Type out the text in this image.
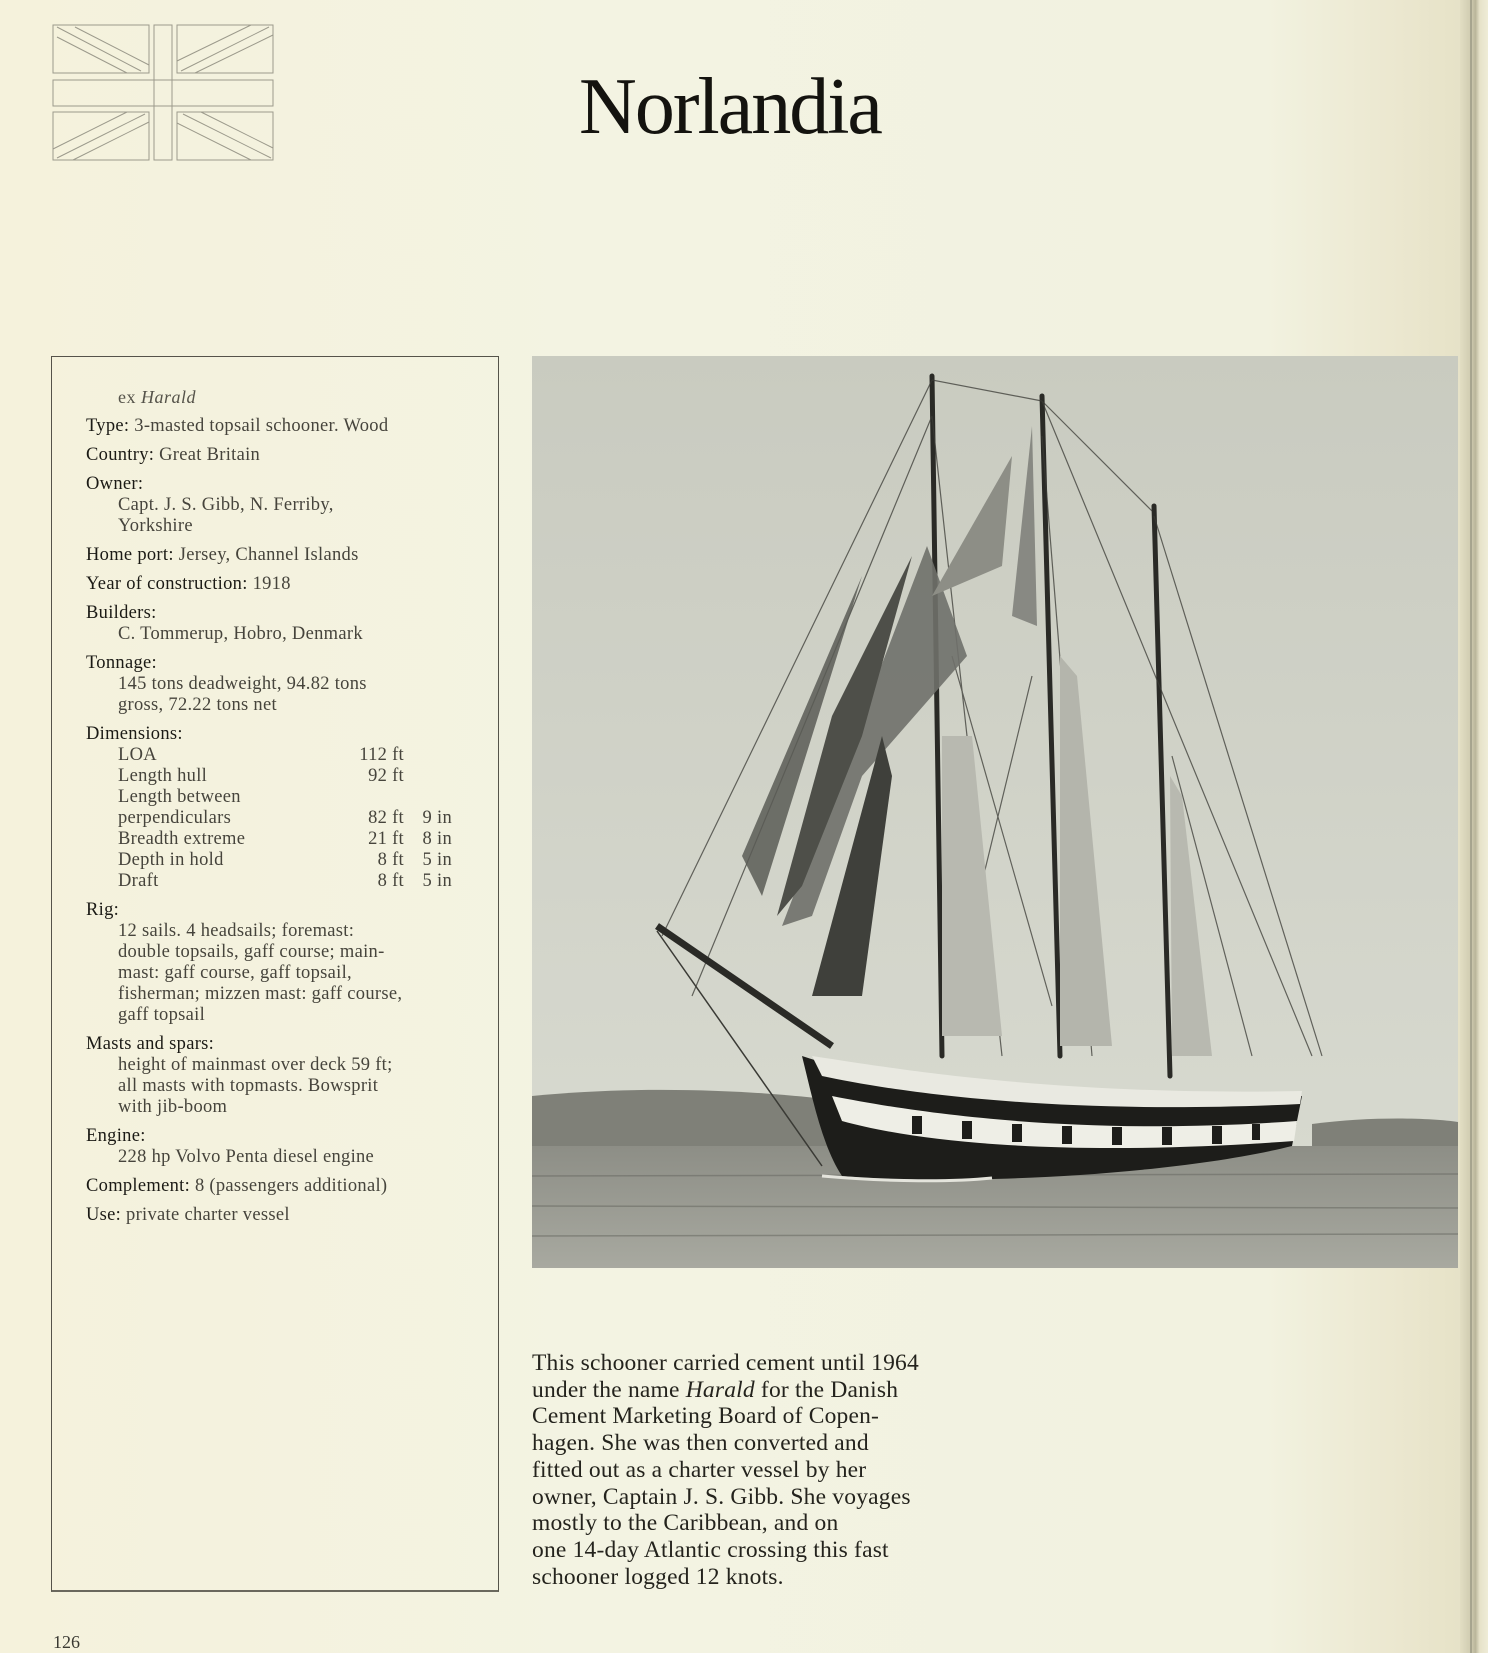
Norlandia
ex Harald
Type: 3-masted topsail schooner. Wood
Country: Great Britain
Owner:
Capt. J. S. Gibb, N. Ferriby,
Yorkshire
Home port: Jersey, Channel Islands
Year of construction: 1918
Builders:
C. Tommerup, Hobro, Denmark
Tonnage:
145 tons deadweight, 94.82 tons
gross, 72.22 tons net
Dimensions:
LOA	112 ft
Length hull	92 ft
Length between
perpendiculars	82 ft	9 in
Breadth extreme	21 ft	8 in
Depth in hold	8 ft	5 in
Draft	8 ft	5 in
Rig:
12 sails. 4 headsails; foremast:
double topsails, gaff course; main-
mast: gaff course, gaff topsail,
fisherman; mizzen mast: gaff course,
gaff topsail
Masts and spars:
height of mainmast over deck 59 ft;
all masts with topmasts. Bowsprit
with jib-boom
Engine:
228 hp Volvo Penta diesel engine
Complement: 8 (passengers additional)
Use: private charter vessel
This schooner carried cement until 1964
under the name Harald for the Danish
Cement Marketing Board of Copen-
hagen. She was then converted and
fitted out as a charter vessel by her
owner, Captain J. S. Gibb. She voyages
mostly to the Caribbean, and on
one 14-day Atlantic crossing this fast
schooner logged 12 knots.
126
